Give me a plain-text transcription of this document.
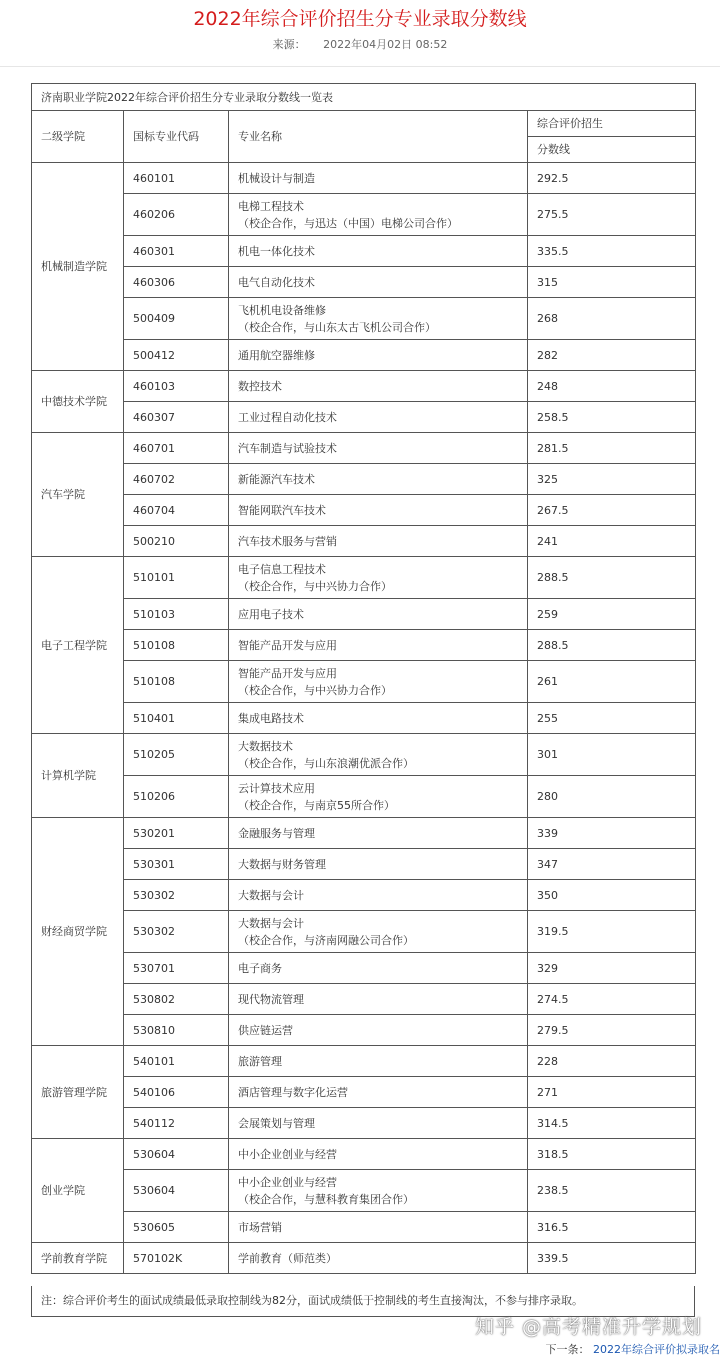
2022年综合评价招生分专业录取分数线
来源： 2022年04月02日 08:52
济南职业学院2022年综合评价招生分专业录取分数线一览表			
二级学院	国标专业代码	专业名称	综合评价招生
			分数线
机械制造学院	460101	机械设计与制造	292.5
	460206	电梯工程技术
（校企合作，与迅达（中国）电梯公司合作）	275.5
	460301	机电一体化技术	335.5
	460306	电气自动化技术	315
	500409	飞机机电设备维修
（校企合作，与山东太古飞机公司合作）	268
	500412	通用航空器维修	282
中德技术学院	460103	数控技术	248
	460307	工业过程自动化技术	258.5
汽车学院	460701	汽车制造与试验技术	281.5
	460702	新能源汽车技术	325
	460704	智能网联汽车技术	267.5
	500210	汽车技术服务与营销	241
电子工程学院	510101	电子信息工程技术
（校企合作，与中兴协力合作）	288.5
	510103	应用电子技术	259
	510108	智能产品开发与应用	288.5
	510108	智能产品开发与应用
（校企合作，与中兴协力合作）	261
	510401	集成电路技术	255
计算机学院	510205	大数据技术
（校企合作，与山东浪潮优派合作）	301
	510206	云计算技术应用
（校企合作，与南京55所合作）	280
财经商贸学院	530201	金融服务与管理	339
	530301	大数据与财务管理	347
	530302	大数据与会计	350
	530302	大数据与会计
（校企合作，与济南网融公司合作）	319.5
	530701	电子商务	329
	530802	现代物流管理	274.5
	530810	供应链运营	279.5
旅游管理学院	540101	旅游管理	228
	540106	酒店管理与数字化运营	271
	540112	会展策划与管理	314.5
创业学院	530604	中小企业创业与经营	318.5
	530604	中小企业创业与经营
（校企合作，与慧科教育集团合作）	238.5
	530605	市场营销	316.5
学前教育学院	570102K	学前教育（师范类）	339.5
注：综合评价考生的面试成绩最低录取控制线为82分，面试成绩低于控制线的考生直接淘汰，不参与排序录取。
知乎 @高考精准升学规划
下一条： 2022年综合评价拟录取名
